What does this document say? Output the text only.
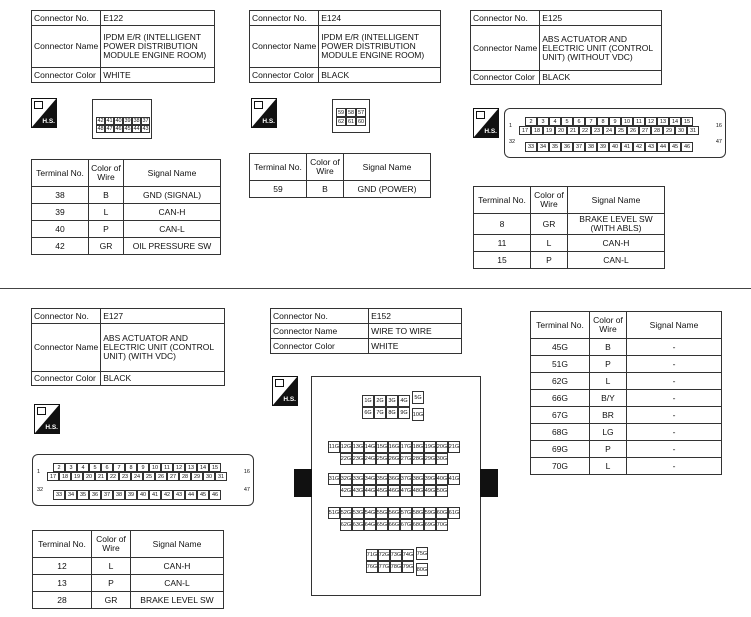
Connector No.	E122
Connector Name	IPDM E/R (INTELLIGENT POWER DISTRIBUTION MODULE ENGINE ROOM)
Connector Color	WHITE
H.S.	42 41 40 39 38 37
48 47 46 45 44 43
Terminal No.	Color of Wire	Signal Name
38	B	GND (SIGNAL)
39	L	CAN-H
40	P	CAN-L
42	GR	OIL PRESSURE SW
Connector No.	E124
Connector Name	IPDM E/R (INTELLIGENT POWER DISTRIBUTION MODULE ENGINE ROOM)
Connector Color	BLACK
H.S.
59 58 57
62 61 60
Terminal No.	Color of Wire	Signal Name
59	B	GND (POWER)
Connector No.	E125
Connector Name	ABS ACTUATOR AND ELECTRIC UNIT (CONTROL UNIT) (WITHOUT VDC)
Connector Color	BLACK
H.S.
1
32
16
47
2	3	4	5	6	7	8	9	10	11	12	13	14	15
17	18	19	20	21	22	23	24	25	26	27	28	29	30	31
33	34	35	36	37	38	39	40	41	42	43	44	45	46
Terminal No.	Color of Wire	Signal Name
8	GR	BRAKE LEVEL SW (WITH ABLS)
11	L	CAN-H
15	P	CAN-L
Connector No.	E127
Connector Name	ABS ACTUATOR AND ELECTRIC UNIT (CONTROL UNIT) (WITH VDC)
Connector Color	BLACK
H.S.
1
32
16
47
2	3	4	5	6	7	8	9	10	11	12	13	14	15
17	18	19	20	21	22	23	24	25	26	27	28	29	30	31
33	34	35	36	37	38	39	40	41	42	43	44	45	46
Terminal No.	Color of Wire	Signal Name
12	L	CAN-H
13	P	CAN-L
28	GR	BRAKE LEVEL SW
Connector No.	E152
Connector Name	WIRE TO WIRE
Connector Color	WHITE
H.S.	1G 2G 3G 4G
6G 7G 8G 9G
5G
10G
11G 12G 13G 14G 15G 16G 17G 18G 19G 20G 21G
22G 23G 24G 25G 26G 27G 28G 29G 30G
31G 32G 33G 34G 35G 36G 37G 38G 39G 40G 41G
42G 43G 44G 45G 46G 47G 48G 49G 50G
51G 52G 53G 54G 55G 56G 57G 58G 59G 60G 61G
62G 63G 64G 65G 66G 67G 68G 69G 70G
71G 72G 73G 74G
76G 77G 78G 79G
75G
80G
Terminal No.	Color of Wire	Signal Name
45G	B	-
51G	P	-
62G	L	-
66G	B/Y	-
67G	BR	-
68G	LG	-
69G	P	-
70G	L	-
